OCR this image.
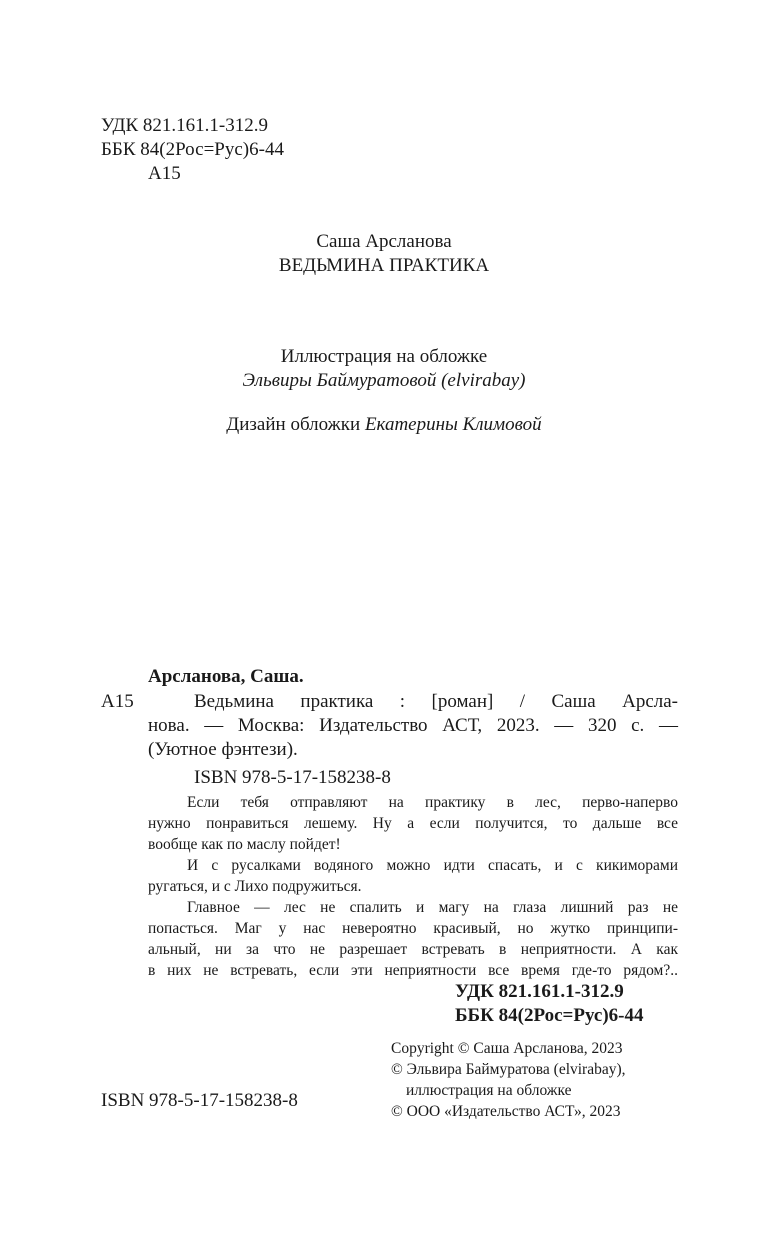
УДК 821.161.1-312.9
ББК 84(2Рос=Рус)6-44
А15
Саша Арсланова
ВЕДЬМИНА ПРАКТИКА
Иллюстрация на обложке
Эльвиры Баймуратовой (elvirabay)
Дизайн обложки Екатерины Климовой
Арсланова, Саша.
А15	Ведьмина практика : [роман] / Саша Арсла-
нова. — Москва: Издательство АСТ, 2023. — 320 с. —
(Уютное фэнтези).
ISBN 978-5-17-158238-8
Если тебя отправляют на практику в лес, перво-наперво
нужно понравиться лешему. Ну а если получится, то дальше все
вообще как по маслу пойдет!
И с русалками водяного можно идти спасать, и с кикиморами
ругаться, и с Лихо подружиться.
Главное — лес не спалить и магу на глаза лишний раз не
попасться. Маг у нас невероятно красивый, но жутко принципи-
альный, ни за что не разрешает встревать в неприятности. А как
в них не встревать, если эти неприятности все время где-то рядом?..
УДК 821.161.1-312.9
ББК 84(2Рос=Рус)6-44
Copyright © Саша Арсланова, 2023
© Эльвира Баймуратова (elvirabay),
иллюстрация на обложке
© ООО «Издательство АСТ», 2023
ISBN 978-5-17-158238-8
